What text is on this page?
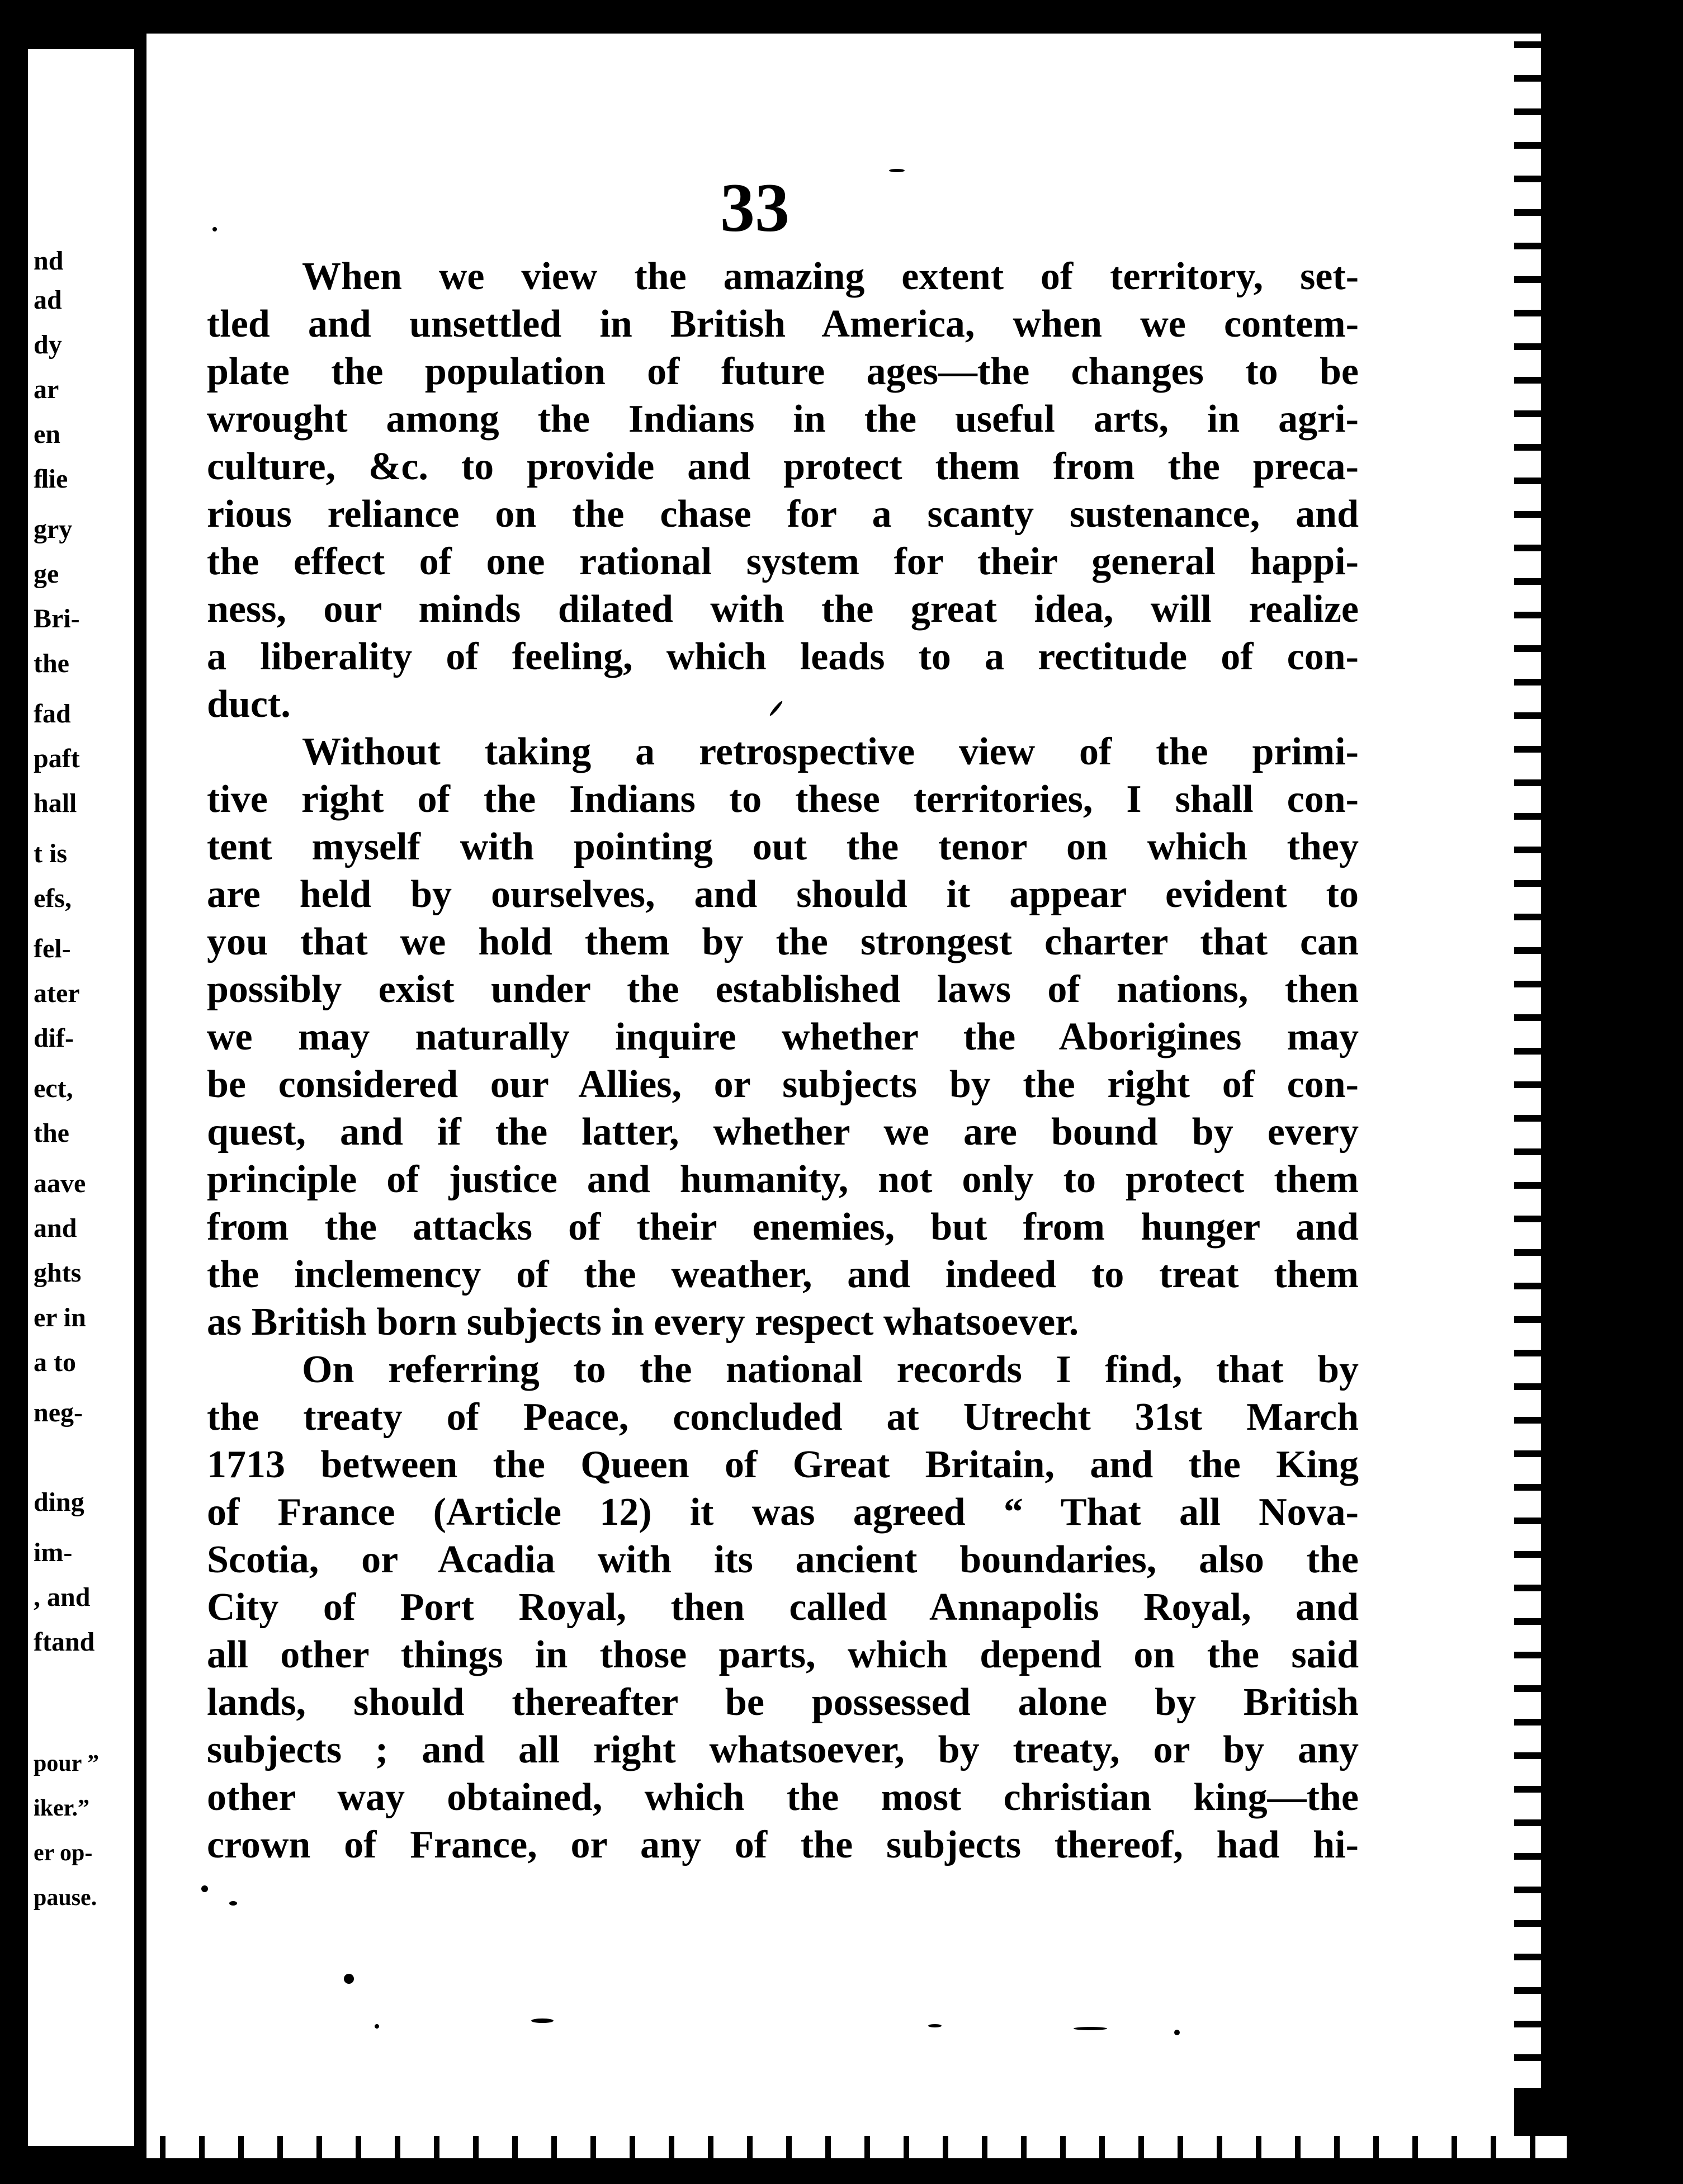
nd
ad
dy
ar
en
ﬂie
gry
ge
Bri-
the
fad
paft
hall
t is
efs,
fel-
ater
dif-
ect,
the
aave
and
ghts
er in
a to
neg-
ding
im-
, and
ftand
pour ”
iker.”
er op-
pause.
33
When we view the amazing extent of territory, set-
tled and unsettled in British America, when we contem-
plate the population of future ages—the changes to be
wrought among the Indians in the useful arts, in agri-
culture, &c. to provide and protect them from the preca-
rious reliance on the chase for a scanty sustenance, and
the effect of one rational system for their general happi-
ness, our minds dilated with the great idea, will realize
a liberality of feeling, which leads to a rectitude of con-
duct.
Without taking a retrospective view of the primi-
tive right of the Indians to these territories, I shall con-
tent myself with pointing out the tenor on which they
are held by ourselves, and should it appear evident to
you that we hold them by the strongest charter that can
possibly exist under the established laws of nations, then
we may naturally inquire whether the Aborigines may
be considered our Allies, or subjects by the right of con-
quest, and if the latter, whether we are bound by every
principle of justice and humanity, not only to protect them
from the attacks of their enemies, but from hunger and
the inclemency of the weather, and indeed to treat them
as British born subjects in every respect whatsoever.
On referring to the national records I find, that by
the treaty of Peace, concluded at Utrecht 31st March
1713 between the Queen of Great Britain, and the King
of France (Article 12) it was agreed “ That all Nova-
Scotia, or Acadia with its ancient boundaries, also the
City of Port Royal, then called Annapolis Royal, and
all other things in those parts, which depend on the said
lands, should thereafter be possessed alone by British
subjects ; and all right whatsoever, by treaty, or by any
other way obtained, which the most christian king—the
crown of France, or any of the subjects thereof, had hi-
